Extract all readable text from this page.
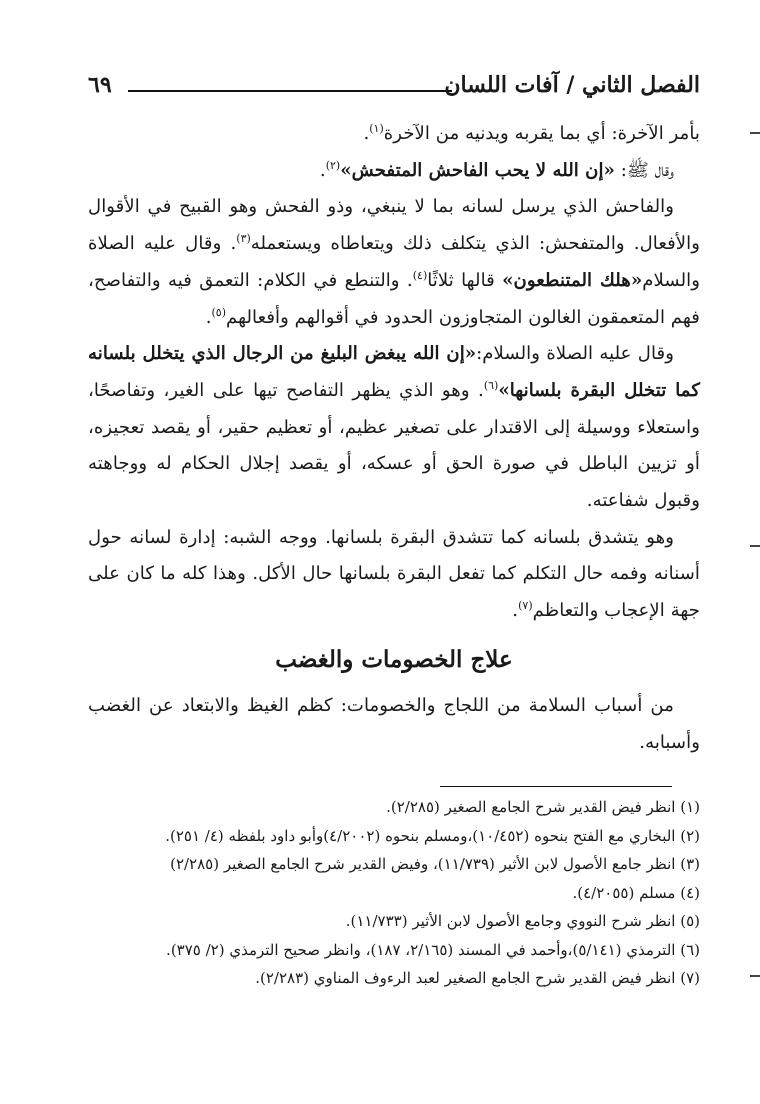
٦٩	الفصل الثاني / آفات اللسان

بأمر الآخرة: أي بما يقربه ويدنيه من الآخرة$^{(١)}$.

وقال ﷺ: «إن الله لا يحب الفاحش المتفحش»$^{(٢)}$.

والفاحش الذي يرسل لسانه بما لا ينبغي، وذو الفحش وهو القبيح في الأقوال والأفعال. والمتفحش: الذي يتكلف ذلك ويتعاطاه ويستعمله$^{(٣)}$. وقال عليه الصلاة والسلام«هلك المتنطعون» قالها ثلاثًا$^{(٤)}$. والتنطع في الكلام: التعمق فيه والتفاصح، فهم المتعمقون الغالون المتجاوزون الحدود في أقوالهم وأفعالهم$^{(٥)}$.

وقال عليه الصلاة والسلام:«إن الله يبغض البليغ من الرجال الذي يتخلل بلسانه كما تتخلل البقرة بلسانها»$^{(٦)}$. وهو الذي يظهر التفاصح تيها على الغير، وتفاصحًا، واستعلاء ووسيلة إلى الاقتدار على تصغير عظيم، أو تعظيم حقير، أو يقصد تعجيزه، أو تزيين الباطل في صورة الحق أو عسكه، أو يقصد إجلال الحكام له ووجاهته وقبول شفاعته.

وهو يتشدق بلسانه كما تتشدق البقرة بلسانها. ووجه الشبه: إدارة لسانه حول أسنانه وفمه حال التكلم كما تفعل البقرة بلسانها حال الأكل. وهذا كله ما كان على جهة الإعجاب والتعاظم$^{(٧)}$.

علاج الخصومات والغضب

من أسباب السلامة من اللجاج والخصومات: كظم الغيظ والابتعاد عن الغضب وأسبابه.

(١) انظر فيض القدير شرح الجامع الصغير (٢/٢٨٥).

(٢) البخاري مع الفتح بنحوه (١٠/٤٥٢)،ومسلم بنحوه (٤/٢٠٠٢)وأبو داود بلفظه (٤/ ٢٥١).

(٣) انظر جامع الأصول لابن الأثير (١١/٧٣٩)، وفيض القدير شرح الجامع الصغير (٢/٢٨٥)

(٤) مسلم (٤/٢٠٥٥).

(٥) انظر شرح النووي وجامع الأصول لابن الأثير (١١/٧٣٣).

(٦) الترمذي (٥/١٤١)،وأحمد في المسند (٢/١٦٥، ١٨٧)، وانظر صحيح الترمذي (٢/ ٣٧٥).

(٧) انظر فيض القدير شرح الجامع الصغير لعبد الرءوف المناوي (٢/٢٨٣).
